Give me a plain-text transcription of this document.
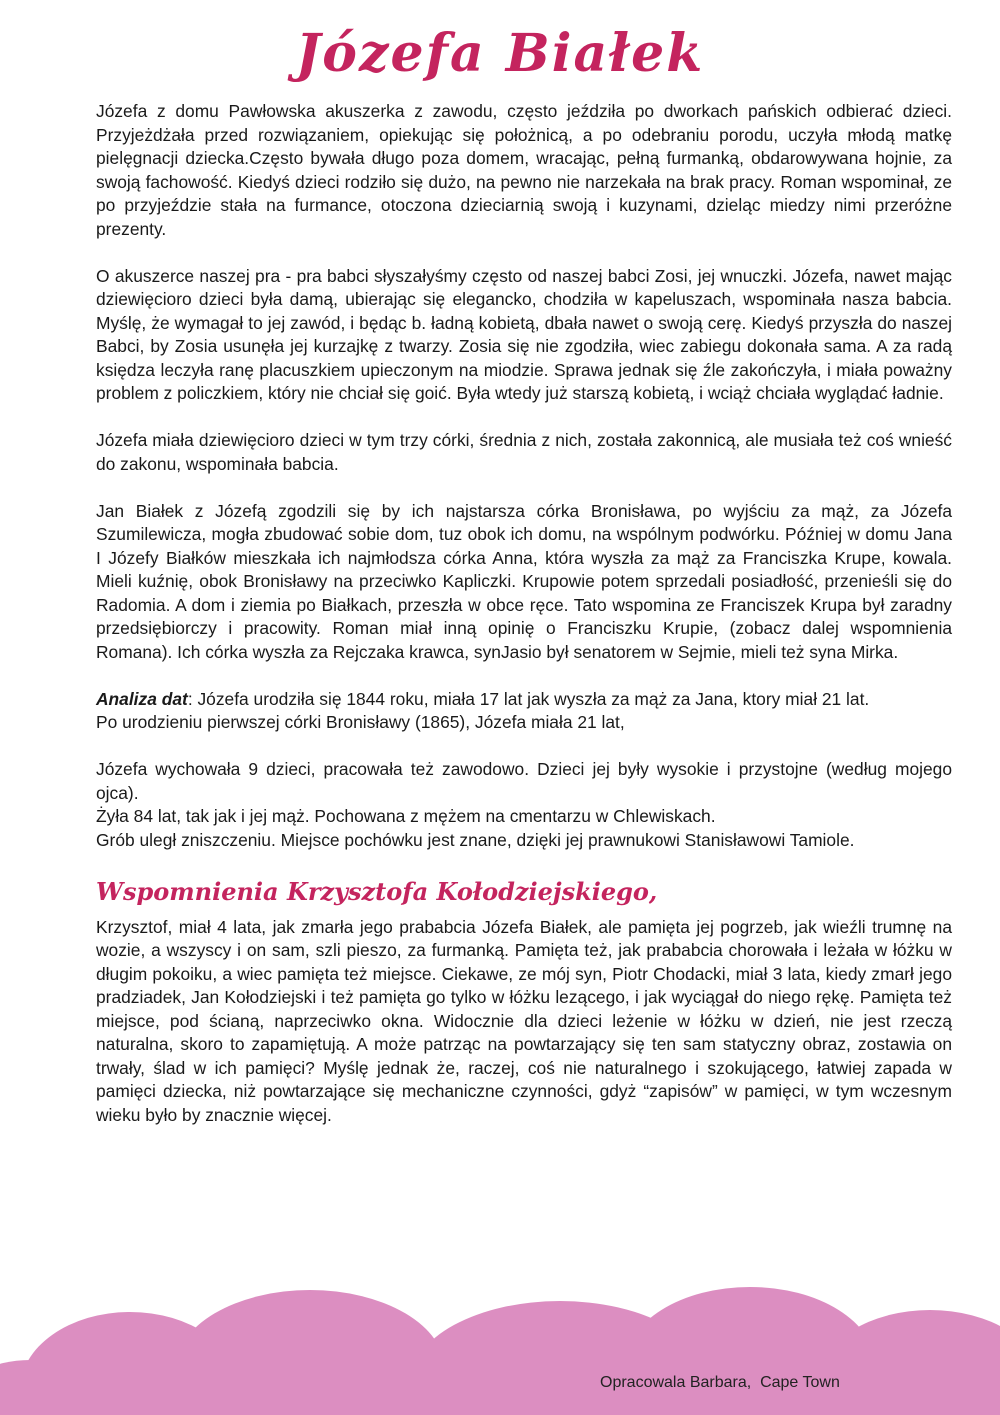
Józefa Białek

Józefa z domu Pawłowska akuszerka z zawodu, często jeździła po dworkach pańskich odbierać dzieci. Przyjeżdżała przed rozwiązaniem, opiekując się położnicą, a po odebraniu porodu, uczyła młodą matkę pielęgnacji dziecka.Często bywała długo poza domem, wracając, pełną furmanką, obdarowywana hojnie, za swoją fachowość. Kiedyś dzieci rodziło się dużo, na pewno nie narzekała na brak pracy. Roman wspominał, ze po przyjeździe stała na furmance, otoczona dzieciarnią swoją i kuzynami, dzieląc miedzy nimi przeróżne prezenty.

O akuszerce naszej pra - pra babci słyszałyśmy często od naszej babci Zosi, jej wnuczki. Józefa, nawet mając dziewięcioro dzieci była damą, ubierając się elegancko, chodziła w kapeluszach, wspominała nasza babcia. Myślę, że wymagał to jej zawód, i będąc b. ładną kobietą, dbała nawet o swoją cerę. Kiedyś przyszła do naszej Babci, by Zosia usunęła jej kurzajkę z twarzy. Zosia się nie zgodziła, wiec zabiegu dokonała sama. A za radą księdza leczyła ranę placuszkiem upieczonym na miodzie. Sprawa jednak się źle zakończyła, i miała poważny problem z policzkiem, który nie chciał się goić. Była wtedy już starszą kobietą, i wciąż chciała wyglądać ładnie.

Józefa miała dziewięcioro dzieci w tym trzy córki, średnia z nich, została zakonnicą, ale musiała też coś wnieść do zakonu, wspominała babcia.

Jan Białek z Józefą zgodzili się by ich najstarsza córka Bronisława, po wyjściu za mąż, za Józefa Szumilewicza, mogła zbudować sobie dom, tuz obok ich domu, na wspólnym podwórku. Później w domu Jana I Józefy Białków mieszkała ich najmłodsza córka Anna, która wyszła za mąż za Franciszka Krupe, kowala. Mieli kuźnię, obok Bronisławy na przeciwko Kapliczki. Krupowie potem sprzedali posiadłość, przenieśli się do Radomia. A dom i ziemia po Białkach, przeszła w obce ręce. Tato wspomina ze Franciszek Krupa był zaradny przedsiębiorczy i pracowity. Roman miał inną opinię o Franciszku Krupie, (zobacz dalej wspomnienia Romana). Ich córka wyszła za Rejczaka krawca, synJasio był senatorem w Sejmie, mieli też syna Mirka.

Analiza dat: Józefa urodziła się 1844 roku, miała 17 lat jak wyszła za mąż za Jana, ktory miał 21 lat.

Po urodzieniu pierwszej córki Bronisławy (1865), Józefa miała 21 lat,

Józefa wychowała 9 dzieci, pracowała też zawodowo. Dzieci jej były wysokie i przystojne (według mojego ojca).

Żyła 84 lat, tak jak i jej mąż. Pochowana z mężem na cmentarzu w Chlewiskach.

Grób uległ zniszczeniu. Miejsce pochówku jest znane, dzięki jej prawnukowi Stanisławowi Tamiole.

Wspomnienia Krzysztofa Kołodziejskiego,

Krzysztof, miał 4 lata, jak zmarła jego prababcia Józefa Białek, ale pamięta jej pogrzeb, jak wieźli trumnę na wozie, a wszyscy i on sam, szli pieszo, za furmanką. Pamięta też, jak prababcia chorowała i leżała w łóżku w długim pokoiku, a wiec pamięta też miejsce. Ciekawe, ze mój syn, Piotr Chodacki, miał 3 lata, kiedy zmarł jego pradziadek, Jan Kołodziejski i też pamięta go tylko w łóżku lezącego, i jak wyciągał do niego rękę. Pamięta też miejsce, pod ścianą, naprzeciwko okna. Widocznie dla dzieci leżenie w łóżku w dzień, nie jest rzeczą naturalna, skoro to zapamiętują. A może patrząc na powtarzający się ten sam statyczny obraz, zostawia on trwały, ślad w ich pamięci? Myślę jednak że, raczej, coś nie naturalnego i szokującego, łatwiej zapada w pamięci dziecka, niż powtarzające się mechaniczne czynności, gdyż “zapisów” w pamięci, w tym wczesnym wieku było by znacznie więcej.

Opracowala Barbara,  Cape Town
